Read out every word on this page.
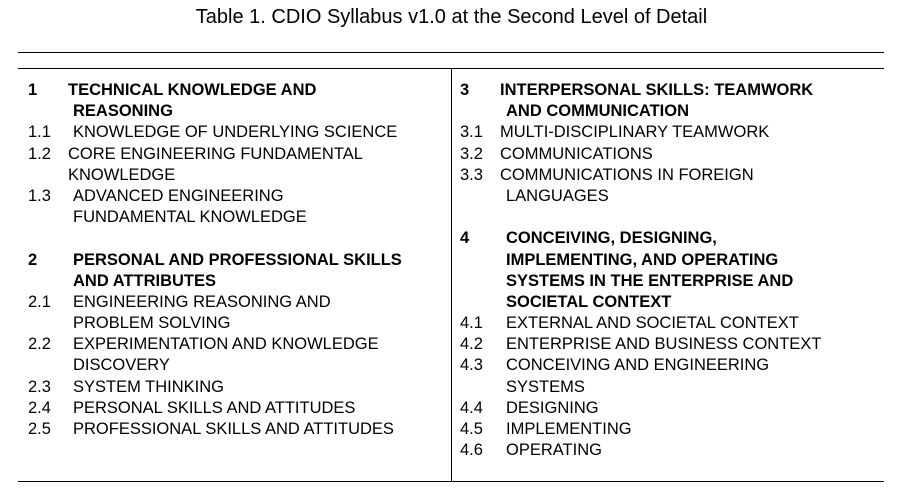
Table 1. CDIO Syllabus v1.0 at the Second Level of Detail
1 TECHNICAL KNOWLEDGE AND
REASONING
1.1 KNOWLEDGE OF UNDERLYING SCIENCE
1.2 CORE ENGINEERING FUNDAMENTAL
KNOWLEDGE
1.3 ADVANCED ENGINEERING
FUNDAMENTAL KNOWLEDGE
2 PERSONAL AND PROFESSIONAL SKILLS
AND ATTRIBUTES
2.1 ENGINEERING REASONING AND
PROBLEM SOLVING
2.2 EXPERIMENTATION AND KNOWLEDGE
DISCOVERY
2.3 SYSTEM THINKING
2.4 PERSONAL SKILLS AND ATTITUDES
2.5 PROFESSIONAL SKILLS AND ATTITUDES
3 INTERPERSONAL SKILLS: TEAMWORK
AND COMMUNICATION
3.1 MULTI-DISCIPLINARY TEAMWORK
3.2 COMMUNICATIONS
3.3 COMMUNICATIONS IN FOREIGN
LANGUAGES
4 CONCEIVING, DESIGNING,
IMPLEMENTING, AND OPERATING
SYSTEMS IN THE ENTERPRISE AND
SOCIETAL CONTEXT
4.1 EXTERNAL AND SOCIETAL CONTEXT
4.2 ENTERPRISE AND BUSINESS CONTEXT
4.3 CONCEIVING AND ENGINEERING
SYSTEMS
4.4 DESIGNING
4.5 IMPLEMENTING
4.6 OPERATING
